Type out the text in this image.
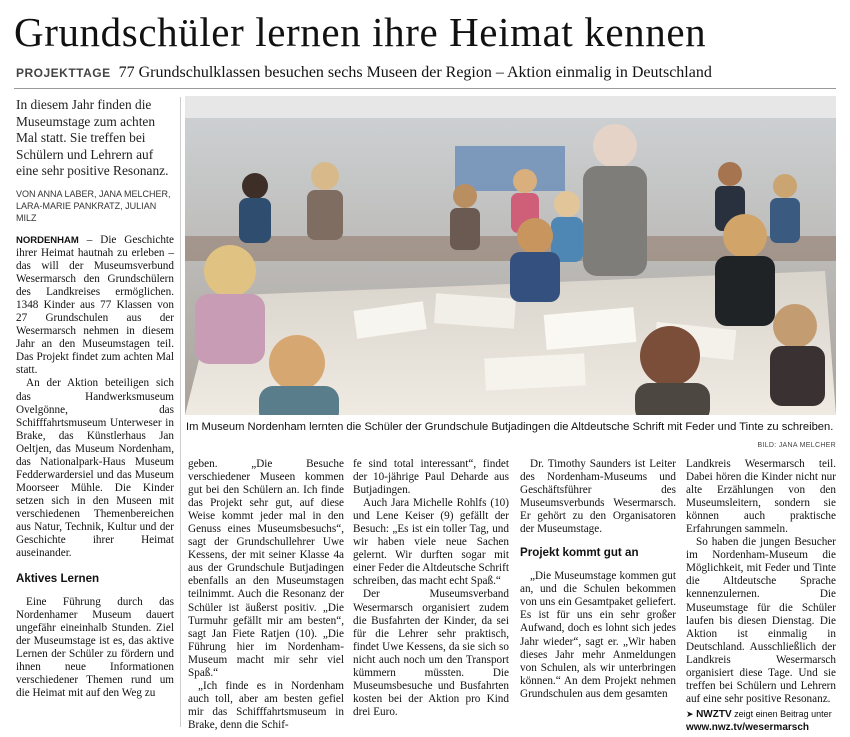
Grundschüler lernen ihre Heimat kennen
PROJEKTTAGE 77 Grundschulklassen besuchen sechs Museen der Region – Aktion einmalig in Deutschland

In diesem Jahr finden die Museumstage zum achten Mal statt. Sie treffen bei Schülern und Lehrern auf eine sehr positive Resonanz.

VON ANNA LABER, JANA MELCHER, LARA-MARIE PANKRATZ, JULIAN MILZ

NORDENHAM – Die Geschichte ihrer Heimat hautnah zu erleben – das will der Museumsverbund Wesermarsch den Grundschülern des Landkreises ermöglichen. 1348 Kinder aus 77 Klassen von 27 Grundschulen aus der Wesermarsch nehmen in diesem Jahr an den Museumstagen teil. Das Projekt findet zum achten Mal statt.

An der Aktion beteiligen sich das Handwerksmuseum Ovelgönne, das Schifffahrtsmuseum Unterweser in Brake, das Künstlerhaus Jan Oeltjen, das Museum Nordenham, das Nationalpark-Haus Museum Fedderwardersiel und das Museum Moorseer Mühle. Die Kinder setzen sich in den Museen mit verschiedenen Themenbereichen aus Natur, Technik, Kultur und der Geschichte ihrer Heimat auseinander.

Aktives Lernen

Eine Führung durch das Nordenhamer Museum dauert ungefähr eineinhalb Stunden. Ziel der Museumstage ist es, das aktive Lernen der Schüler zu fördern und ihnen neue Informationen verschiedener Themen rund um die Heimat mit auf den Weg zu

Im Museum Nordenham lernten die Schüler der Grundschule Butjadingen die Altdeutsche Schrift mit Feder und Tinte zu schreiben.
BILD: JANA MELCHER

geben. „Die Besuche verschiedener Museen kommen gut bei den Schülern an. Ich finde das Projekt sehr gut, auf diese Weise kommt jeder mal in den Genuss eines Museumsbesuchs“, sagt der Grundschullehrer Uwe Kessens, der mit seiner Klasse 4a aus der Grundschule Butjadingen ebenfalls an den Museumstagen teilnimmt. Auch die Resonanz der Schüler ist äußerst positiv. „Die Turmuhr gefällt mir am besten“, sagt Jan Fiete Ratjen (10). „Die Führung hier im Nordenham-Museum macht mir sehr viel Spaß.“

„Ich finde es in Nordenham auch toll, aber am besten gefiel mir das Schifffahrtsmuseum in Brake, denn die Schif-

fe sind total interessant“, findet der 10-jährige Paul Deharde aus Butjadingen.

Auch Jara Michelle Rohlfs (10) und Lene Keiser (9) gefällt der Besuch: „Es ist ein toller Tag, und wir haben viele neue Sachen gelernt. Wir durften sogar mit einer Feder die Altdeutsche Schrift schreiben, das macht echt Spaß.“

Der Museumsverband Wesermarsch organisiert zudem die Busfahrten der Kinder, da sei für die Lehrer sehr praktisch, findet Uwe Kessens, da sie sich so nicht auch noch um den Transport kümmern müssten. Die Museumsbesuche und Busfahrten kosten bei der Aktion pro Kind drei Euro.

Dr. Timothy Saunders ist Leiter des Nordenham-Museums und Geschäftsführer des Museumsverbunds Wesermarsch. Er gehört zu den Organisatoren der Museumstage.

Projekt kommt gut an

„Die Museumstage kommen gut an, und die Schulen bekommen von uns ein Gesamtpaket geliefert. Es ist für uns ein sehr großer Aufwand, doch es lohnt sich jedes Jahr wieder“, sagt er. „Wir haben dieses Jahr mehr Anmeldungen von Schulen, als wir unterbringen können.“ An dem Projekt nehmen Grundschulen aus dem gesamten

Landkreis Wesermarsch teil. Dabei hören die Kinder nicht nur alte Erzählungen von den Museumsleitern, sondern sie können auch praktische Erfahrungen sammeln.

So haben die jungen Besucher im Nordenham-Museum die Möglichkeit, mit Feder und Tinte die Altdeutsche Sprache kennenzulernen. Die Museumstage für die Schüler laufen bis diesen Dienstag. Die Aktion ist einmalig in Deutschland. Ausschließlich der Landkreis Wesermarsch organisiert diese Tage. Und sie treffen bei Schülern und Lehrern auf eine sehr positive Resonanz.

➤ NWZTV zeigt einen Beitrag unter
www.nwz.tv/wesermarsch
